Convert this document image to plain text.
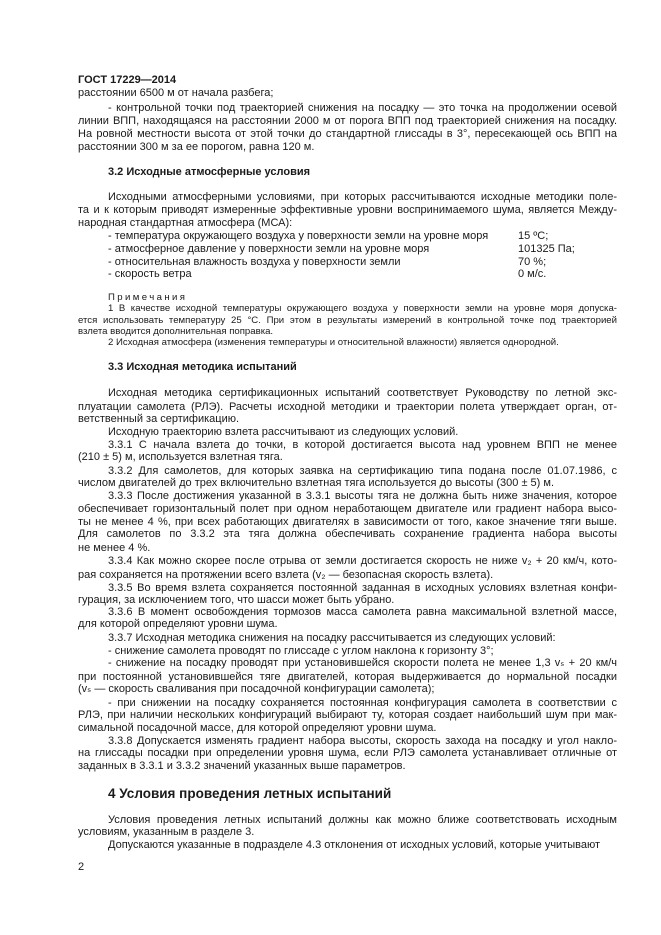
ГОСТ 17229—2014
расстоянии 6500 м от начала разбега;
- контрольной точки под траекторией снижения на посадку — это точка на продолжении осевой
линии ВПП, находящаяся на расстоянии 2000 м от порога ВПП под траекторией снижения на посадку.
На ровной местности высота от этой точки до стандартной глиссады в 3°, пересекающей ось ВПП на
расстоянии 300 м за ее порогом, равна 120 м.
3.2 Исходные атмосферные условия
Исходными атмосферными условиями, при которых рассчитываются исходные методики поле-
та и к которым приводят измеренные эффективные уровни воспринимаемого шума, является Между-
народная стандартная атмосфера (МСА):
Примечания
1 В качестве исходной температуры окружающего воздуха у поверхности земли на уровне моря допуска-
ется использовать температуру 25 °С. При этом в результаты измерений в контрольной точке под траекторией
взлета вводится дополнительная поправка.
2 Исходная атмосфера (изменения температуры и относительной влажности) является однородной.
3.3 Исходная методика испытаний
Исходная методика сертификационных испытаний соответствует Руководству по летной экс-
плуатации самолета (РЛЭ). Расчеты исходной методики и траектории полета утверждает орган, от-
ветственный за сертификацию.
Исходную траекторию взлета рассчитывают из следующих условий.
3.3.1 С начала взлета до точки, в которой достигается высота над уровнем ВПП не менее
(210 ± 5) м, используется взлетная тяга.
3.3.2 Для самолетов, для которых заявка на сертификацию типа подана после 01.07.1986, с
числом двигателей до трех включительно взлетная тяга используется до высоты (300 ± 5) м.
3.3.3 После достижения указанной в 3.3.1 высоты тяга не должна быть ниже значения, которое
обеспечивает горизонтальный полет при одном неработающем двигателе или градиент набора высо-
ты не менее 4 %, при всех работающих двигателях в зависимости от того, какое значение тяги выше.
Для самолетов по 3.3.2 эта тяга должна обеспечивать сохранение градиента набора высоты
не менее 4 %.
3.3.4 Как можно скорее после отрыва от земли достигается скорость не ниже v₂ + 20 км/ч, кото-
рая сохраняется на протяжении всего взлета (v₂ — безопасная скорость взлета).
3.3.5 Во время взлета сохраняется постоянной заданная в исходных условиях взлетная конфи-
гурация, за исключением того, что шасси может быть убрано.
3.3.6 В момент освобождения тормозов масса самолета равна максимальной взлетной массе,
для которой определяют уровни шума.
3.3.7 Исходная методика снижения на посадку рассчитывается из следующих условий:
- снижение самолета проводят по глиссаде с углом наклона к горизонту 3°;
- снижение на посадку проводят при установившейся скорости полета не менее 1,3 vₛ + 20 км/ч
при постоянной установившейся тяге двигателей, которая выдерживается до нормальной посадки
(vₛ — скорость сваливания при посадочной конфигурации самолета);
- при снижении на посадку сохраняется постоянная конфигурация самолета в соответствии с
РЛЭ, при наличии нескольких конфигураций выбирают ту, которая создает наибольший шум при мак-
симальной посадочной массе, для которой определяют уровни шума.
3.3.8 Допускается изменять градиент набора высоты, скорость захода на посадку и угол накло-
на глиссады посадки при определении уровня шума, если РЛЭ самолета устанавливает отличные от
заданных в 3.3.1 и 3.3.2 значений указанных выше параметров.
4 Условия проведения летных испытаний
Условия проведения летных испытаний должны как можно ближе соответствовать исходным
условиям, указанным в разделе 3.
Допускаются указанные в подразделе 4.3 отклонения от исходных условий, которые учитывают
- температура окружающего воздуха у поверхности земли на уровне моря	15 ºС;
- атмосферное давление у поверхности земли на уровне моря	101325 Па;
- относительная влажность воздуха у поверхности земли	70 %;
- скорость ветра	0 м/с.
2
